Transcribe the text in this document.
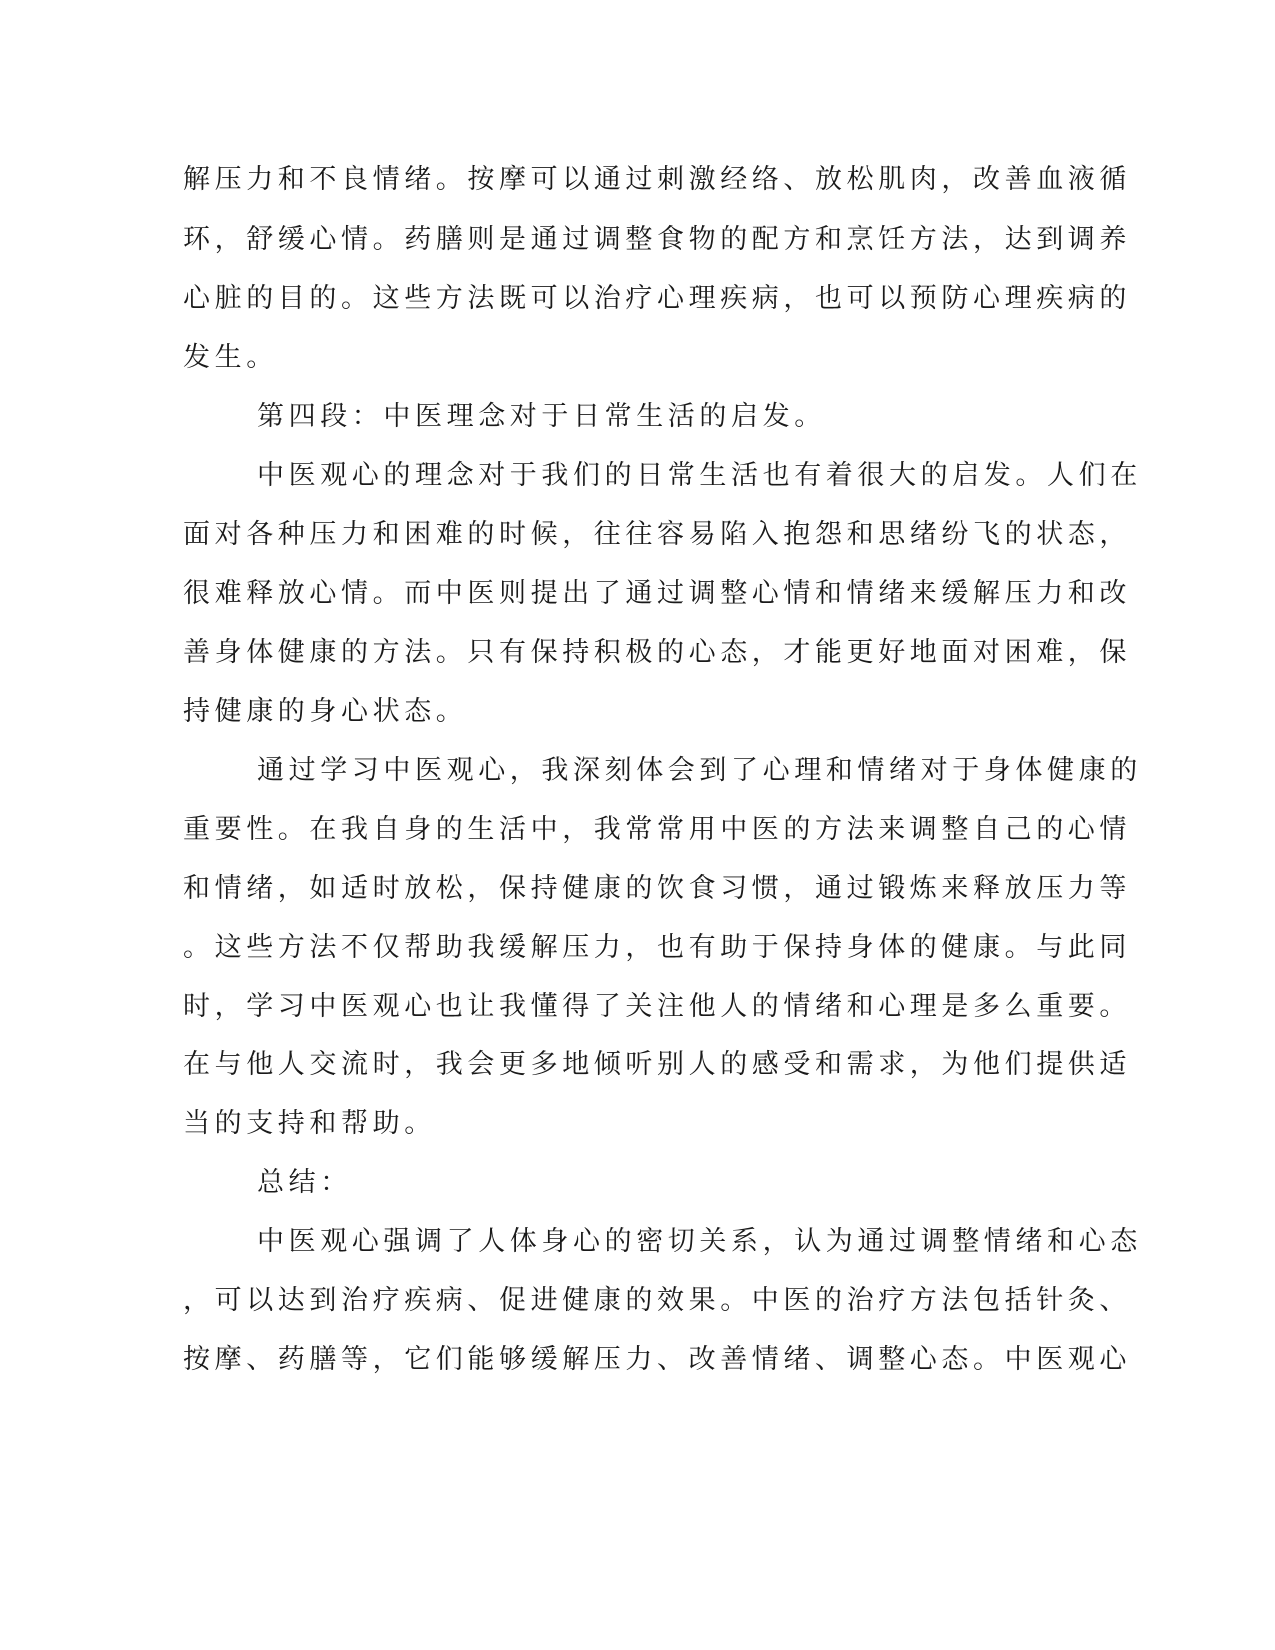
解压力和不良情绪。按摩可以通过刺激经络、放松肌肉，改善血液循
环，舒缓心情。药膳则是通过调整食物的配方和烹饪方法，达到调养
心脏的目的。这些方法既可以治疗心理疾病，也可以预防心理疾病的
发生。
第四段：中医理念对于日常生活的启发。
中医观心的理念对于我们的日常生活也有着很大的启发。人们在
面对各种压力和困难的时候，往往容易陷入抱怨和思绪纷飞的状态，
很难释放心情。而中医则提出了通过调整心情和情绪来缓解压力和改
善身体健康的方法。只有保持积极的心态，才能更好地面对困难，保
持健康的身心状态。
通过学习中医观心，我深刻体会到了心理和情绪对于身体健康的
重要性。在我自身的生活中，我常常用中医的方法来调整自己的心情
和情绪，如适时放松，保持健康的饮食习惯，通过锻炼来释放压力等
。这些方法不仅帮助我缓解压力，也有助于保持身体的健康。与此同
时，学习中医观心也让我懂得了关注他人的情绪和心理是多么重要。
在与他人交流时，我会更多地倾听别人的感受和需求，为他们提供适
当的支持和帮助。
总结：
中医观心强调了人体身心的密切关系，认为通过调整情绪和心态
，可以达到治疗疾病、促进健康的效果。中医的治疗方法包括针灸、
按摩、药膳等，它们能够缓解压力、改善情绪、调整心态。中医观心
